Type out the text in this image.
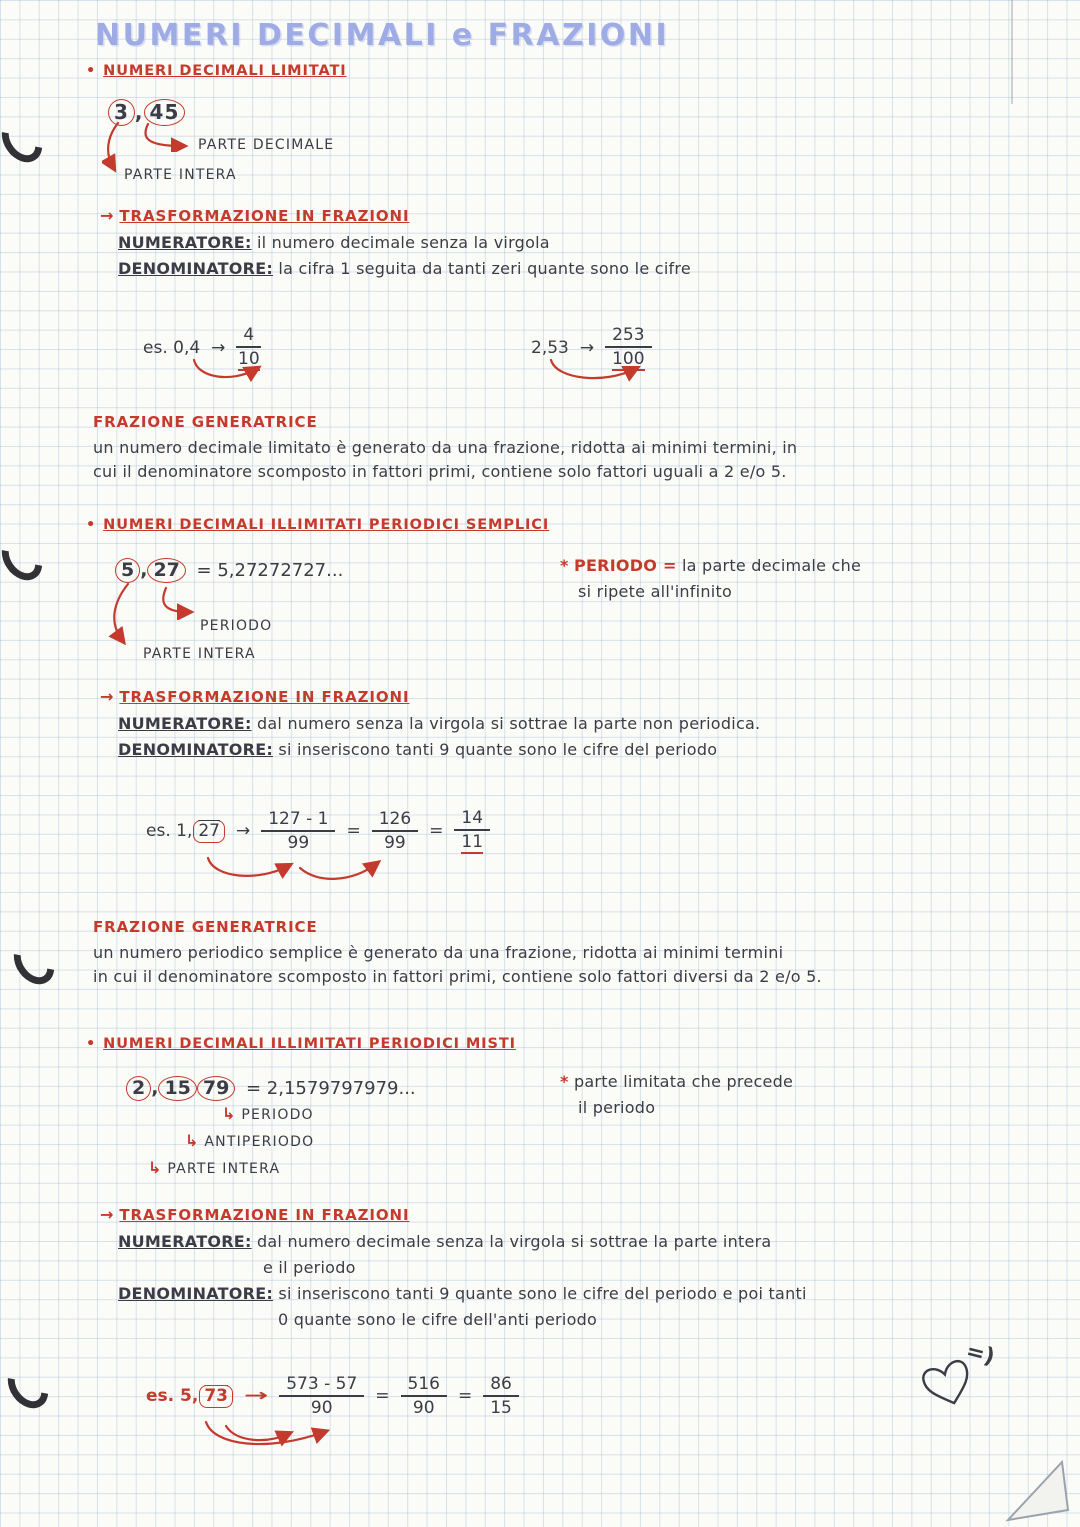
NUMERI DECIMALI e FRAZIONI
• NUMERI DECIMALI LIMITATI
3 , 45
PARTE DECIMALE
PARTE INTERA
→ TRASFORMAZIONE IN FRAZIONI
NUMERATORE: il numero decimale senza la virgola
DENOMINATORE: la cifra 1 seguita da tanti zeri quante sono le cifre
es. $0,4 \to \frac{4}{10}$	$2,53 \to \frac{253}{100}$
FRAZIONE GENERATRICE
un numero decimale limitato è generato da una frazione, ridotta ai minimi termini, in
cui il denominatore scomposto in fattori primi, contiene solo fattori uguali a 2 e/o 5.
• NUMERI DECIMALI ILLIMITATI PERIODICI SEMPLICI
5 , 27 = 5,27272727...
PERIODO
PARTE INTERA
* PERIODO = la parte decimale che
si ripete all'infinito
→ TRASFORMAZIONE IN FRAZIONI
NUMERATORE: dal numero senza la virgola si sottrae la parte non periodica.
DENOMINATORE: si inseriscono tanti 9 quante sono le cifre del periodo
es. 1, $27 \to \frac{127 - 1}{99} = \frac{126}{99} = \frac{14}{11}$
FRAZIONE GENERATRICE
un numero periodico semplice è generato da una frazione, ridotta ai minimi termini
in cui il denominatore scomposto in fattori primi, contiene solo fattori diversi da 2 e/o 5.
• NUMERI DECIMALI ILLIMITATI PERIODICI MISTI
2 , 15 79 = 2,1579797979...
↳ PERIODO
↳ ANTIPERIODO
↳ PARTE INTERA
* parte limitata che precede
il periodo
→ TRASFORMAZIONE IN FRAZIONI
NUMERATORE: dal numero decimale senza la virgola si sottrae la parte intera
e il periodo
DENOMINATORE: si inseriscono tanti 9 quante sono le cifre del periodo e poi tanti
0 quante sono le cifre dell'anti periodo
es. 5, $73 \to \frac{573 - 57}{90} = \frac{516}{90} = \frac{86}{15}$
=)
